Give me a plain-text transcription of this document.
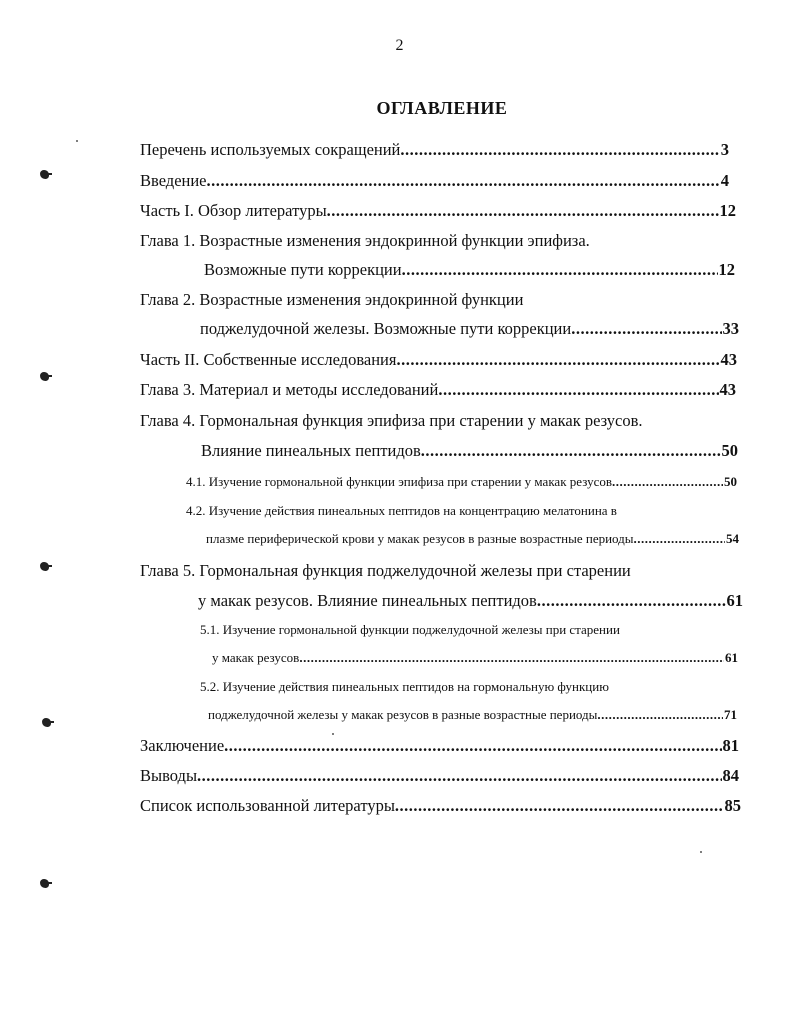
2
ОГЛАВЛЕНИЕ
Перечень используемых сокращений .....	3
Введение .....	4
Часть I. Обзор литературы .....	12
Глава 1. Возрастные изменения эндокринной функции эпифиза.
Возможные пути коррекции .....	12
Глава 2. Возрастные изменения эндокринной функции
поджелудочной железы. Возможные пути коррекции .....	33
Часть II. Собственные исследования .....	43
Глава 3. Материал и методы исследований .....	43
Глава 4. Гормональная функция эпифиза при старении у макак резусов.
Влияние пинеальных пептидов .....	50
4.1. Изучение гормональной функции эпифиза при старении у макак резусов .....	50
4.2. Изучение действия пинеальных пептидов на концентрацию мелатонина в
плазме периферической крови у макак резусов в разные возрастные периоды .....	54
Глава 5. Гормональная функция поджелудочной железы при старении
у макак резусов. Влияние пинеальных пептидов .....	61
5.1. Изучение гормональной функции поджелудочной железы при старении
у макак резусов .....	61
5.2. Изучение действия пинеальных пептидов на гормональную функцию
поджелудочной железы у макак резусов в разные возрастные периоды .....	71
Заключение .....	81
Выводы .....	84
Список использованной литературы .....	85
